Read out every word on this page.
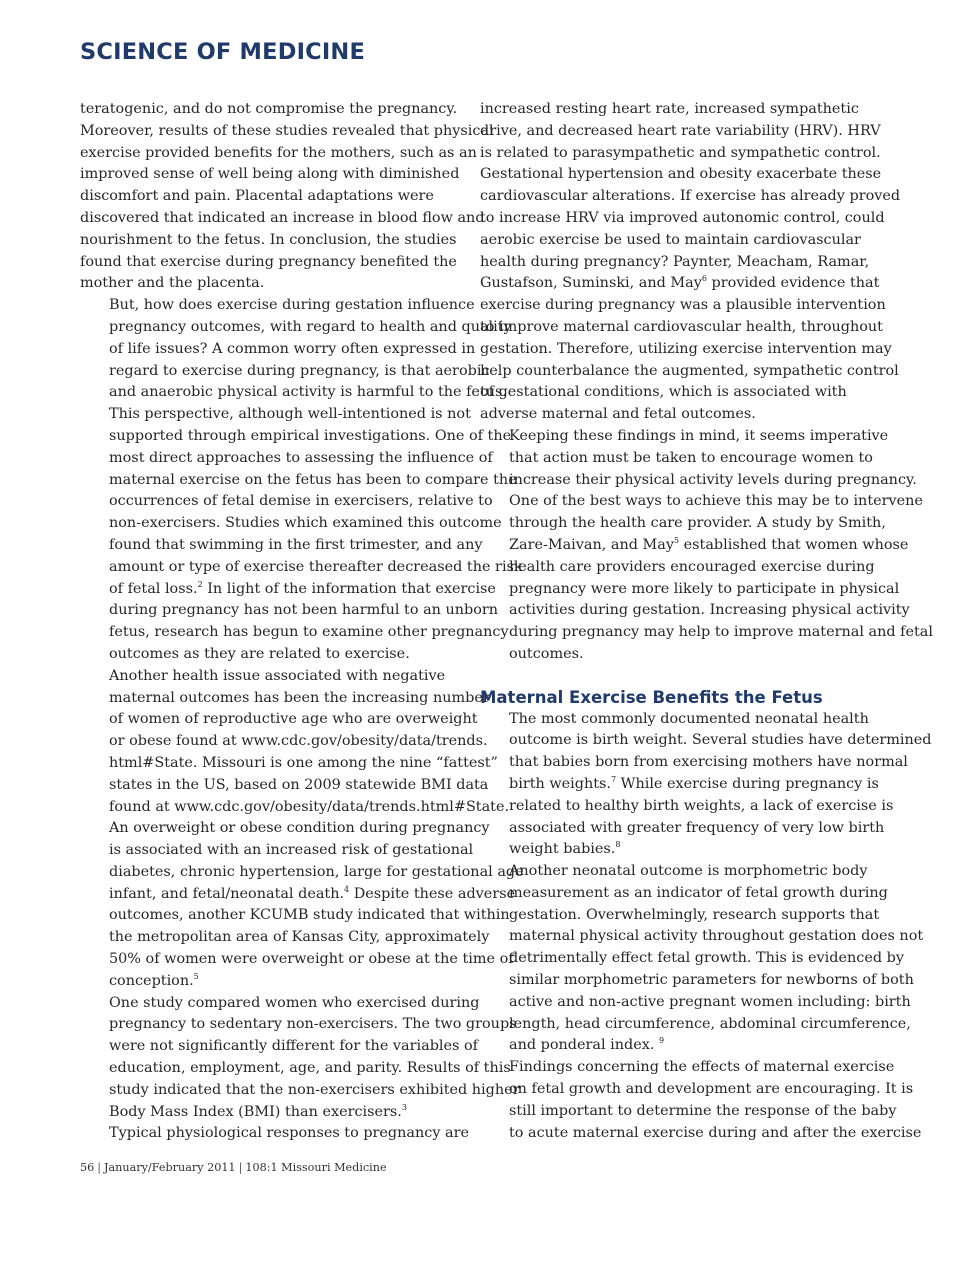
SCIENCE OF MEDICINE

teratogenic, and do not compromise the pregnancy.
Moreover, results of these studies revealed that physical
exercise provided benefits for the mothers, such as an
improved sense of well being along with diminished
discomfort and pain. Placental adaptations were
discovered that indicated an increase in blood flow and
nourishment to the fetus. In conclusion, the studies
found that exercise during pregnancy benefited the
mother and the placenta.

But, how does exercise during gestation influence
pregnancy outcomes, with regard to health and quality
of life issues? A common worry often expressed in
regard to exercise during pregnancy, is that aerobic
and anaerobic physical activity is harmful to the fetus.
This perspective, although well-intentioned is not
supported through empirical investigations. One of the
most direct approaches to assessing the influence of
maternal exercise on the fetus has been to compare the
occurrences of fetal demise in exercisers, relative to
non-exercisers. Studies which examined this outcome
found that swimming in the first trimester, and any
amount or type of exercise thereafter decreased the risk
of fetal loss.$^2$ In light of the information that exercise
during pregnancy has not been harmful to an unborn
fetus, research has begun to examine other pregnancy
outcomes as they are related to exercise.

Another health issue associated with negative
maternal outcomes has been the increasing number
of women of reproductive age who are overweight
or obese found at www.cdc.gov/obesity/data/trends.
html#State. Missouri is one among the nine “fattest”
states in the US, based on 2009 statewide BMI data
found at www.cdc.gov/obesity/data/trends.html#State.
An overweight or obese condition during pregnancy
is associated with an increased risk of gestational
diabetes, chronic hypertension, large for gestational age
infant, and fetal/neonatal death.$^4$ Despite these adverse
outcomes, another KCUMB study indicated that within
the metropolitan area of Kansas City, approximately
50% of women were overweight or obese at the time of
conception.$^5$

One study compared women who exercised during
pregnancy to sedentary non-exercisers. The two groups
were not significantly different for the variables of
education, employment, age, and parity. Results of this
study indicated that the non-exercisers exhibited higher
Body Mass Index (BMI) than exercisers.$^3$

Typical physiological responses to pregnancy are

increased resting heart rate, increased sympathetic
drive, and decreased heart rate variability (HRV). HRV
is related to parasympathetic and sympathetic control.
Gestational hypertension and obesity exacerbate these
cardiovascular alterations. If exercise has already proved
to increase HRV via improved autonomic control, could
aerobic exercise be used to maintain cardiovascular
health during pregnancy? Paynter, Meacham, Ramar,
Gustafson, Suminski, and May$^6$ provided evidence that
exercise during pregnancy was a plausible intervention
to improve maternal cardiovascular health, throughout
gestation. Therefore, utilizing exercise intervention may
help counterbalance the augmented, sympathetic control
of gestational conditions, which is associated with
adverse maternal and fetal outcomes.

Keeping these findings in mind, it seems imperative
that action must be taken to encourage women to
increase their physical activity levels during pregnancy.
One of the best ways to achieve this may be to intervene
through the health care provider. A study by Smith,
Zare-Maivan, and May$^5$ established that women whose
health care providers encouraged exercise during
pregnancy were more likely to participate in physical
activities during gestation. Increasing physical activity
during pregnancy may help to improve maternal and fetal
outcomes.

Maternal Exercise Benefits the Fetus

The most commonly documented neonatal health
outcome is birth weight. Several studies have determined
that babies born from exercising mothers have normal
birth weights.$^7$ While exercise during pregnancy is
related to healthy birth weights, a lack of exercise is
associated with greater frequency of very low birth
weight babies.$^8$

Another neonatal outcome is morphometric body
measurement as an indicator of fetal growth during
gestation. Overwhelmingly, research supports that
maternal physical activity throughout gestation does not
detrimentally effect fetal growth. This is evidenced by
similar morphometric parameters for newborns of both
active and non-active pregnant women including: birth
length, head circumference, abdominal circumference,
and ponderal index. $^9$

Findings concerning the effects of maternal exercise
on fetal growth and development are encouraging. It is
still important to determine the response of the baby
to acute maternal exercise during and after the exercise

56 | January/February 2011 | 108:1 Missouri Medicine
